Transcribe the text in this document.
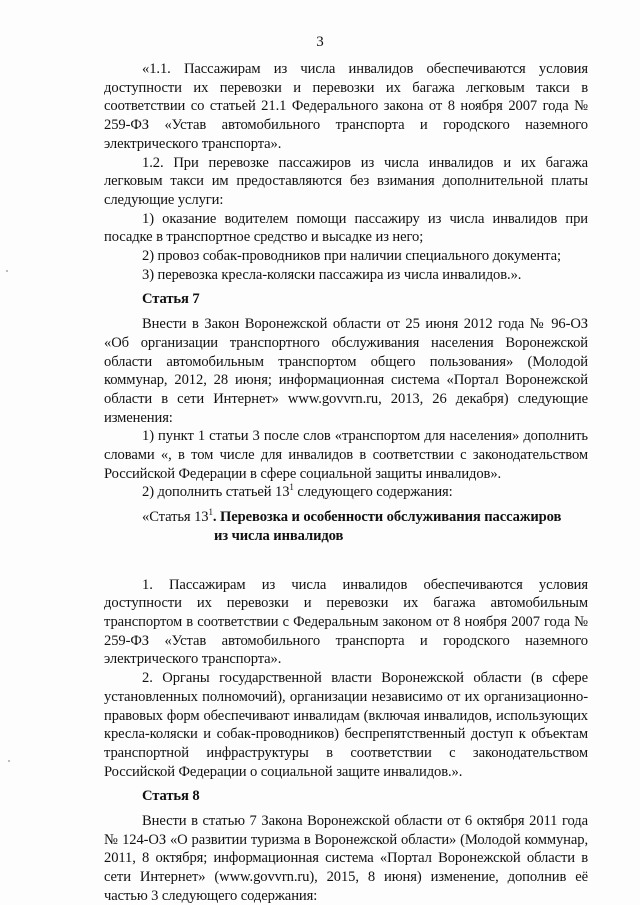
3

«1.1. Пассажирам из числа инвалидов обеспечиваются условия доступности их перевозки и перевозки их багажа легковым такси в соответствии со статьей 21.1 Федерального закона от 8 ноября 2007 года № 259-ФЗ «Устав автомобильного транспорта и городского наземного электрического транспорта».

1.2. При перевозке пассажиров из числа инвалидов и их багажа легковым такси им предоставляются без взимания дополнительной платы следующие услуги:

1) оказание водителем помощи пассажиру из числа инвалидов при посадке в транспортное средство и высадке из него;

2) провоз собак-проводников при наличии специального документа;

3) перевозка кресла-коляски пассажира из числа инвалидов.».

Статья 7

Внести в Закон Воронежской области от 25 июня 2012 года № 96-ОЗ «Об организации транспортного обслуживания населения Воронежской области автомобильным транспортом общего пользования» (Молодой коммунар, 2012, 28 июня; информационная система «Портал Воронежской области в сети Интернет» www.govvrn.ru, 2013, 26 декабря) следующие изменения:

1) пункт 1 статьи 3 после слов «транспортом для населения» дополнить словами «, в том числе для инвалидов в соответствии с законодательством Российской Федерации в сфере социальной защиты инвалидов».

2) дополнить статьей $13^1$ следующего содержания:

«Статья $13^1$. Перевозка и особенности обслуживания пассажиров
из числа инвалидов

1. Пассажирам из числа инвалидов обеспечиваются условия доступности их перевозки и перевозки их багажа автомобильным транспортом в соответствии с Федеральным законом от 8 ноября 2007 года № 259-ФЗ «Устав автомобильного транспорта и городского наземного электрического транспорта».

2. Органы государственной власти Воронежской области (в сфере установленных полномочий), организации независимо от их организационно-правовых форм обеспечивают инвалидам (включая инвалидов, использующих кресла-коляски и собак-проводников) беспрепятственный доступ к объектам транспортной инфраструктуры в соответствии с законодательством Российской Федерации о социальной защите инвалидов.».

Статья 8

Внести в статью 7 Закона Воронежской области от 6 октября 2011 года № 124-ОЗ «О развитии туризма в Воронежской области» (Молодой коммунар, 2011, 8 октября; информационная система «Портал Воронежской области в сети Интернет» (www.govvrn.ru), 2015, 8 июня) изменение, дополнив её частью 3 следующего содержания:
